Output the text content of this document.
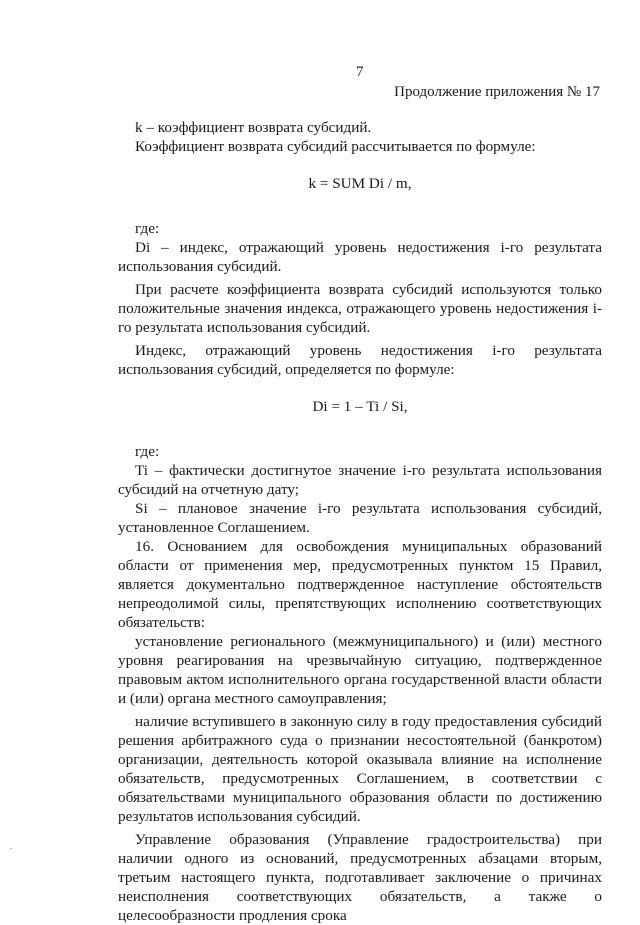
7
Продолжение приложения № 17

k – коэффициент возврата субсидий.

Коэффициент возврата субсидий рассчитывается по формуле:

k = SUM Di / m,

где:

Di – индекс, отражающий уровень недостижения i-го результата использования субсидий.

При расчете коэффициента возврата субсидий используются только положительные значения индекса, отражающего уровень недостижения i-го результата использования субсидий.

Индекс, отражающий уровень недостижения i-го результата использования субсидий, определяется по формуле:

Di = 1 – Ti / Si,

где:

Ti – фактически достигнутое значение i-го результата использования субсидий на отчетную дату;

Si – плановое значение i-го результата использования субсидий, установленное Соглашением.

16. Основанием для освобождения муниципальных образований области от применения мер, предусмотренных пунктом 15 Правил, является документально подтвержденное наступление обстоятельств непреодолимой силы, препятствующих исполнению соответствующих обязательств:

установление регионального (межмуниципального) и (или) местного уровня реагирования на чрезвычайную ситуацию, подтвержденное правовым актом исполнительного органа государственной власти области и (или) органа местного самоуправления;

наличие вступившего в законную силу в году предоставления субсидий решения арбитражного суда о признании несостоятельной (банкротом) организации, деятельность которой оказывала влияние на исполнение обязательств, предусмотренных Соглашением, в соответствии с обязательствами муниципального образования области по достижению результатов использования субсидий.

Управление образования (Управление градостроительства) при наличии одного из оснований, предусмотренных абзацами вторым, третьим настоящего пункта, подготавливает заключение о причинах неисполнения соответствующих обязательств, а также о целесообразности продления срока
